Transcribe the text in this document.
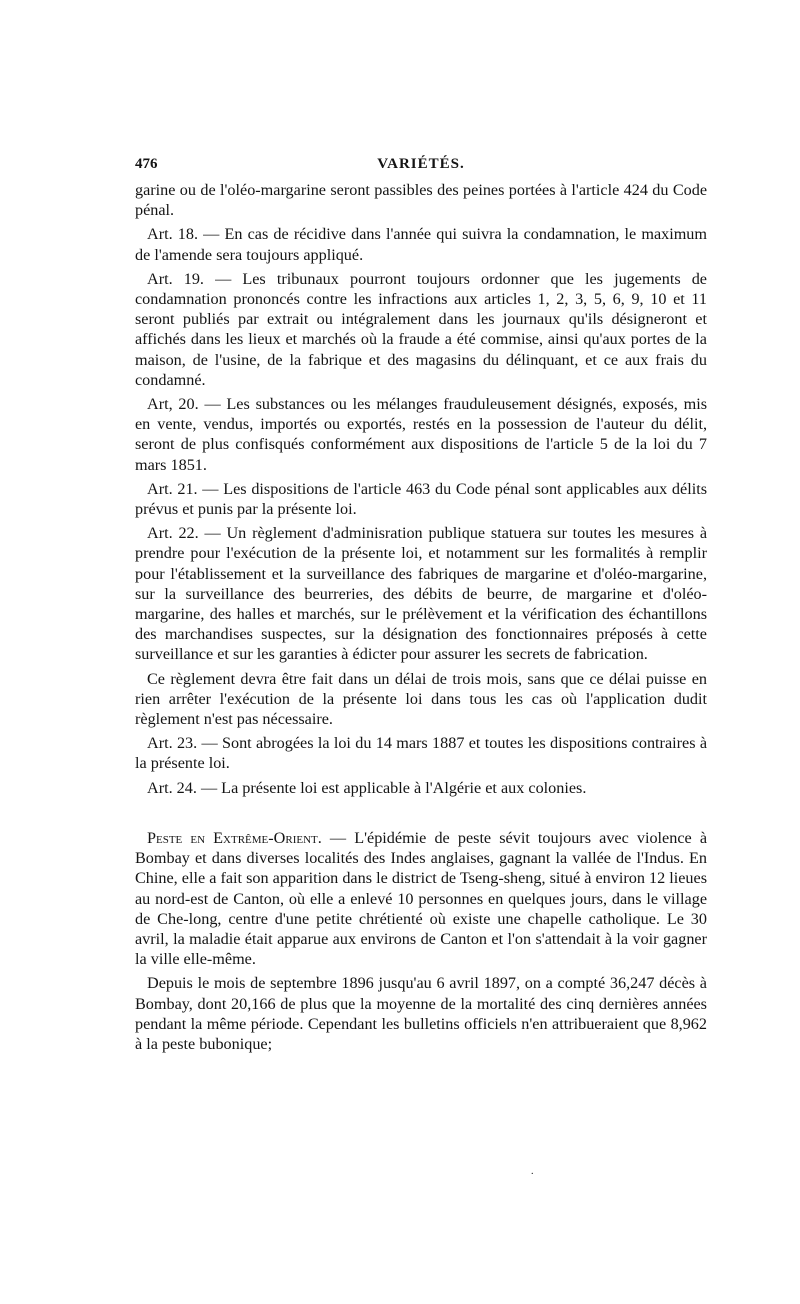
476	VARIÉTÉS.

garine ou de l'oléo-margarine seront passibles des peines portées à l'article 424 du Code pénal.

Art. 18. — En cas de récidive dans l'année qui suivra la condamnation, le maximum de l'amende sera toujours appliqué.

Art. 19. — Les tribunaux pourront toujours ordonner que les jugements de condamnation prononcés contre les infractions aux articles 1, 2, 3, 5, 6, 9, 10 et 11 seront publiés par extrait ou intégralement dans les journaux qu'ils désigneront et affichés dans les lieux et marchés où la fraude a été commise, ainsi qu'aux portes de la maison, de l'usine, de la fabrique et des magasins du délinquant, et ce aux frais du condamné.

Art, 20. — Les substances ou les mélanges frauduleusement désignés, exposés, mis en vente, vendus, importés ou exportés, restés en la possession de l'auteur du délit, seront de plus confisqués conformément aux dispositions de l'article 5 de la loi du 7 mars 1851.

Art. 21. — Les dispositions de l'article 463 du Code pénal sont applicables aux délits prévus et punis par la présente loi.

Art. 22. — Un règlement d'adminisration publique statuera sur toutes les mesures à prendre pour l'exécution de la présente loi, et notamment sur les formalités à remplir pour l'établissement et la surveillance des fabriques de margarine et d'oléo-margarine, sur la surveillance des beurreries, des débits de beurre, de margarine et d'oléo-margarine, des halles et marchés, sur le prélèvement et la vérification des échantillons des marchandises suspectes, sur la désignation des fonctionnaires préposés à cette surveillance et sur les garanties à édicter pour assurer les secrets de fabrication.

Ce règlement devra être fait dans un délai de trois mois, sans que ce délai puisse en rien arrêter l'exécution de la présente loi dans tous les cas où l'application dudit règlement n'est pas nécessaire.

Art. 23. — Sont abrogées la loi du 14 mars 1887 et toutes les dispositions contraires à la présente loi.

Art. 24. — La présente loi est applicable à l'Algérie et aux colonies.

Peste en Extrême-Orient. — L'épidémie de peste sévit toujours avec violence à Bombay et dans diverses localités des Indes anglaises, gagnant la vallée de l'Indus. En Chine, elle a fait son apparition dans le district de Tseng-sheng, situé à environ 12 lieues au nord-est de Canton, où elle a enlevé 10 personnes en quelques jours, dans le village de Che-long, centre d'une petite chrétienté où existe une chapelle catholique. Le 30 avril, la maladie était apparue aux environs de Canton et l'on s'attendait à la voir gagner la ville elle-même.

Depuis le mois de septembre 1896 jusqu'au 6 avril 1897, on a compté 36,247 décès à Bombay, dont 20,166 de plus que la moyenne de la mortalité des cinq dernières années pendant la même période. Cependant les bulletins officiels n'en attribueraient que 8,962 à la peste bubonique;

.
